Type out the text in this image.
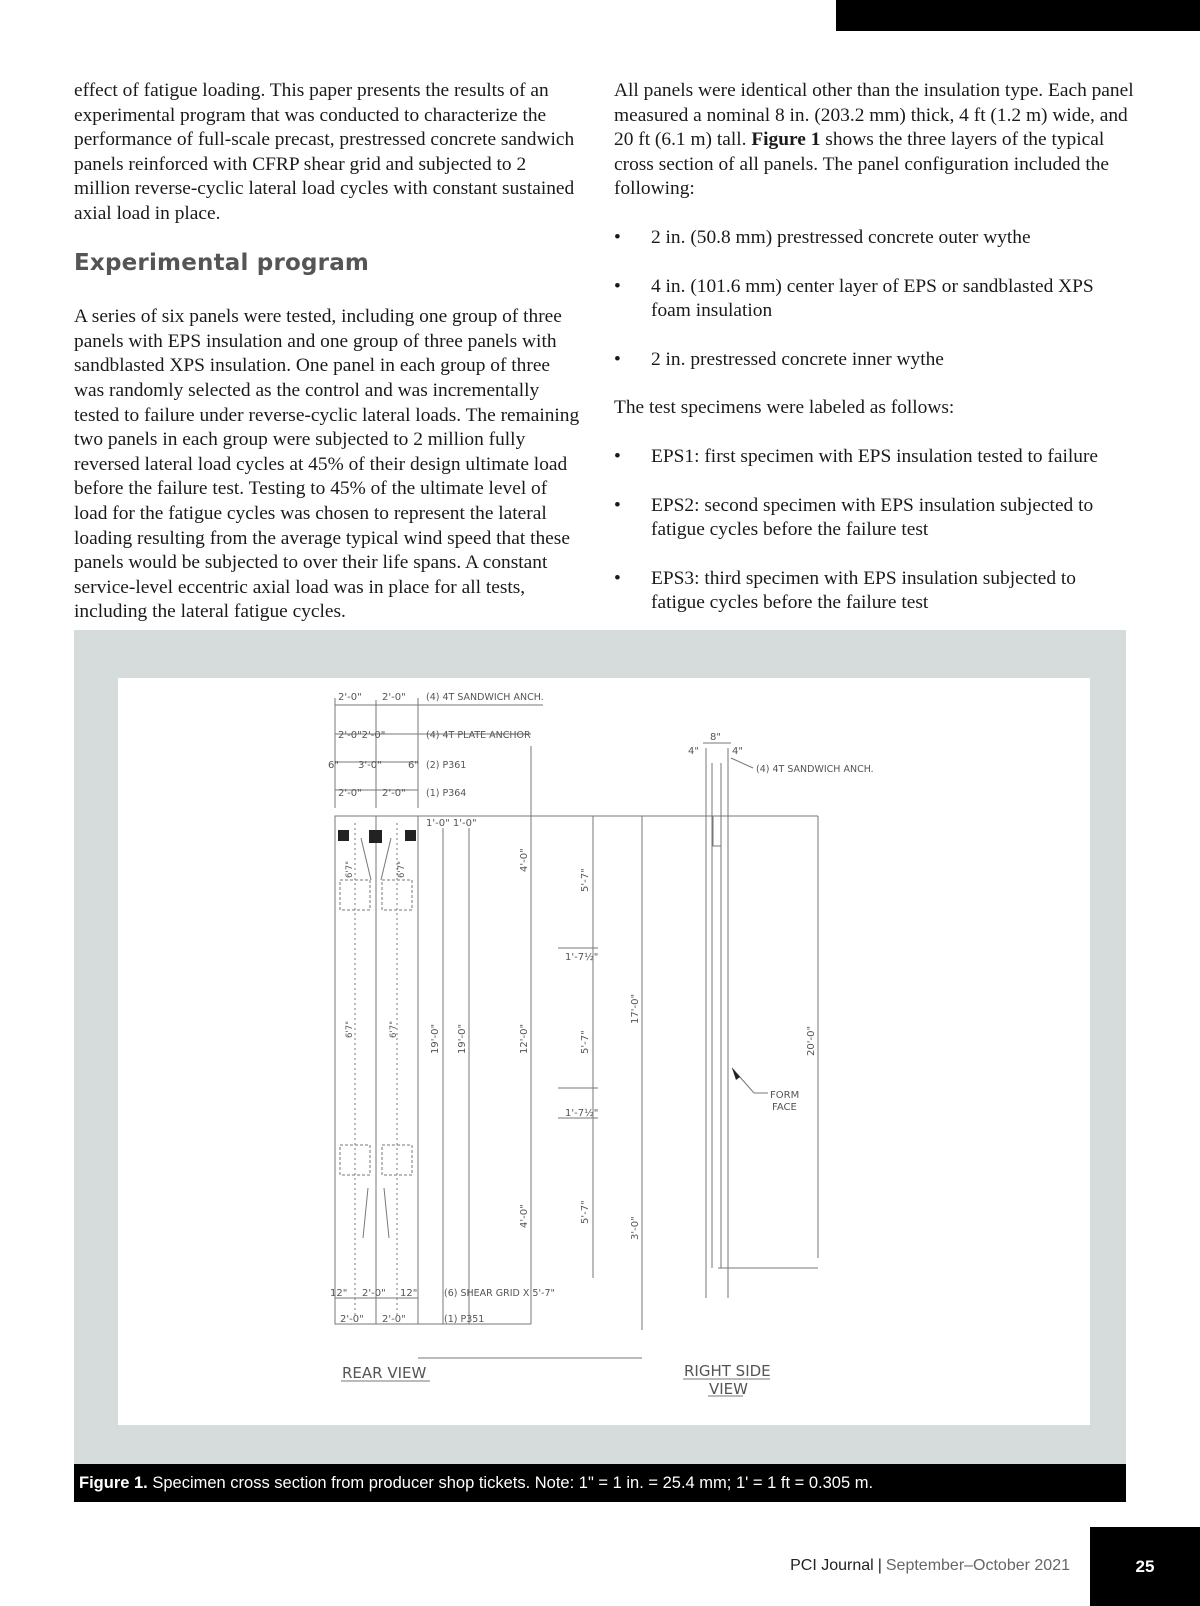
effect of fatigue loading. This paper presents the results of an experimental program that was conducted to characterize the performance of full-scale precast, prestressed concrete sandwich panels reinforced with CFRP shear grid and subjected to 2 million reverse-cyclic lateral load cycles with constant sustained axial load in place.

Experimental program

A series of six panels were tested, including one group of three panels with EPS insulation and one group of three panels with sandblasted XPS insulation. One panel in each group of three was randomly selected as the control and was incrementally tested to failure under reverse-cyclic lateral loads. The remaining two panels in each group were subjected to 2 million fully reversed lateral load cycles at 45% of their design ultimate load before the failure test. Testing to 45% of the ultimate level of load for the fatigue cycles was chosen to represent the lateral loading resulting from the average typical wind speed that these panels would be subjected to over their life spans. A constant service-level eccentric axial load was in place for all tests, including the lateral fatigue cycles.

All panels were identical other than the insulation type. Each panel measured a nominal 8 in. (203.2 mm) thick, 4 ft (1.2 m) wide, and 20 ft (6.1 m) tall. Figure 1 shows the three layers of the typical cross section of all panels. The panel configuration included the following:

• 2 in. (50.8 mm) prestressed concrete outer wythe
• 4 in. (101.6 mm) center layer of EPS or sandblasted XPS foam insulation
• 2 in. prestressed concrete inner wythe

The test specimens were labeled as follows:

• EPS1: first specimen with EPS insulation tested to failure
• EPS2: second specimen with EPS insulation subjected to fatigue cycles before the failure test
• EPS3: third specimen with EPS insulation subjected to fatigue cycles before the failure test
2'-0" 2'-0" (4) 4T SANDWICH ANCH.
2'-0"2'-0"	(4) 4T PLATE ANCHOR
6" 3'-0"	6" (2) P361
2'-0" 2'-0" (1) P364
1'-0" 1'-0"
6'7"	6'7"
6'7"	6'7"
4'-0"
5'-7"
1'-7½"
17'-0"
19'-0" 19'-0"	12'-0"	5'-7"
1'-7½"
4'-0"	5'-7"
3'-0"
12" 2'-0" 12"	(6) SHEAR GRID X 5'-7"
2'-0" 2'-0"	(1) P351
REAR VIEW
8"
4"	4"
(4) 4T SANDWICH ANCH.
20'-0"
FORM
FACE
RIGHT SIDE
VIEW
Figure 1. Specimen cross section from producer shop tickets. Note: 1" = 1 in. = 25.4 mm; 1' = 1 ft = 0.305 m.
PCI Journal | September–October 2021	25
